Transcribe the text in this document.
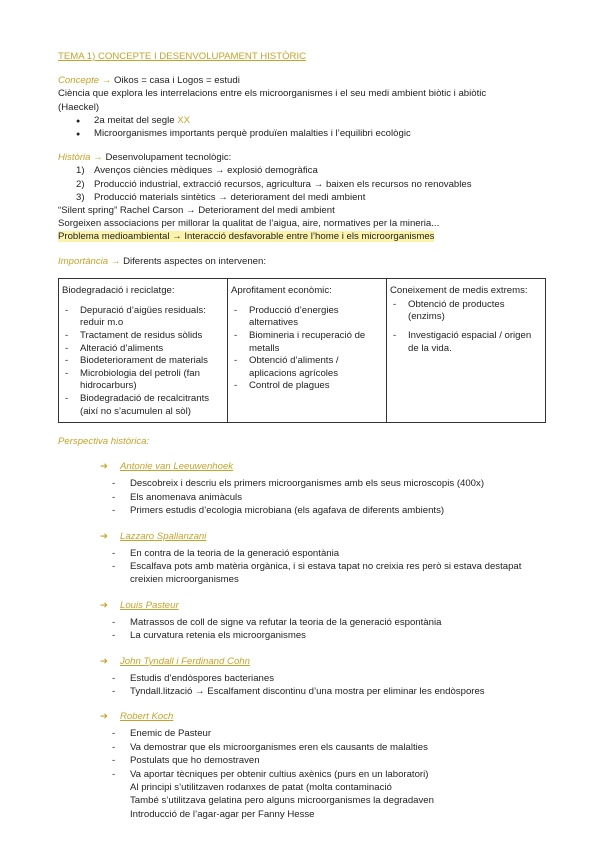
TEMA 1) CONCEPTE I DESENVOLUPAMENT HISTÒRIC
Concepte → Oikos = casa i Logos = estudi
Ciència que explora les interrelacions entre els microorganismes i el seu medi ambient biòtic i abiòtic
(Haeckel)
● 2a meitat del segle XX
● Microorganismes importants perquè produïen malalties i l’equilibri ecològic
Història → Desenvolupament tecnològic:
1) Avenços ciències mèdiques → explosió demogràfica
2) Producció industrial, extracció recursos, agricultura → baixen els recursos no renovables
3) Producció materials sintètics → deteriorament del medi ambient
“Silent spring” Rachel Carson → Deteriorament del medi ambient
Sorgeixen associacions per millorar la qualitat de l’aigua, aire, normatives per la mineria...
Problema medioambiental → Interacció desfavorable entre l’home i els microorganismes
Importància → Diferents aspectes on intervenen:
Biodegradació i reciclatge:
- Depuració d’aigües residuals: reduir m.o
- Tractament de residus sòlids
- Alteració d’aliments
- Biodeteriorament de materials
- Microbiologia del petroli (fan hidrocarburs)
- Biodegradació de recalcitrants (així no s’acumulen al sòl)

Aprofitament econòmic:
- Producció d’energies alternatives
- Biomineria i recuperació de metalls
- Obtenció d’aliments / aplicacions agrícoles
- Control de plagues

Coneixement de medis extrems:
- Obtenció de productes (enzims)
- Investigació espacial / origen de la vida.
Perspectiva històrica:
➔ Antonie van Leeuwenhoek
- Descobreix i descriu els primers microorganismes amb els seus microscopis (400x)
- Els anomenava animàculs
- Primers estudis d’ecologia microbiana (els agafava de diferents ambients)
➔ Lazzaro Spallanzani
- En contra de la teoria de la generació espontània
- Escalfava pots amb matèria orgànica, i si estava tapat no creixia res però si estava destapat creixien microorganismes
➔ Louis Pasteur
- Matrassos de coll de signe va refutar la teoria de la generació espontània
- La curvatura retenia els microorganismes
➔ John Tyndall i Ferdinand Cohn
- Estudis d’endòspores bacterianes
- Tyndall.lització → Escalfament discontinu d’una mostra per eliminar les endòspores
➔ Robert Koch
- Enemic de Pasteur
- Va demostrar que els microorganismes eren els causants de malalties
- Postulats que ho demostraven
- Va aportar tècniques per obtenir cultius axènics (purs en un laboratori)
Al principi s’utilitzaven rodanxes de patat (molta contaminació
També s’utilitzava gelatina pero alguns microorganismes la degradaven
Introducció de l’agar-agar per Fanny Hesse
